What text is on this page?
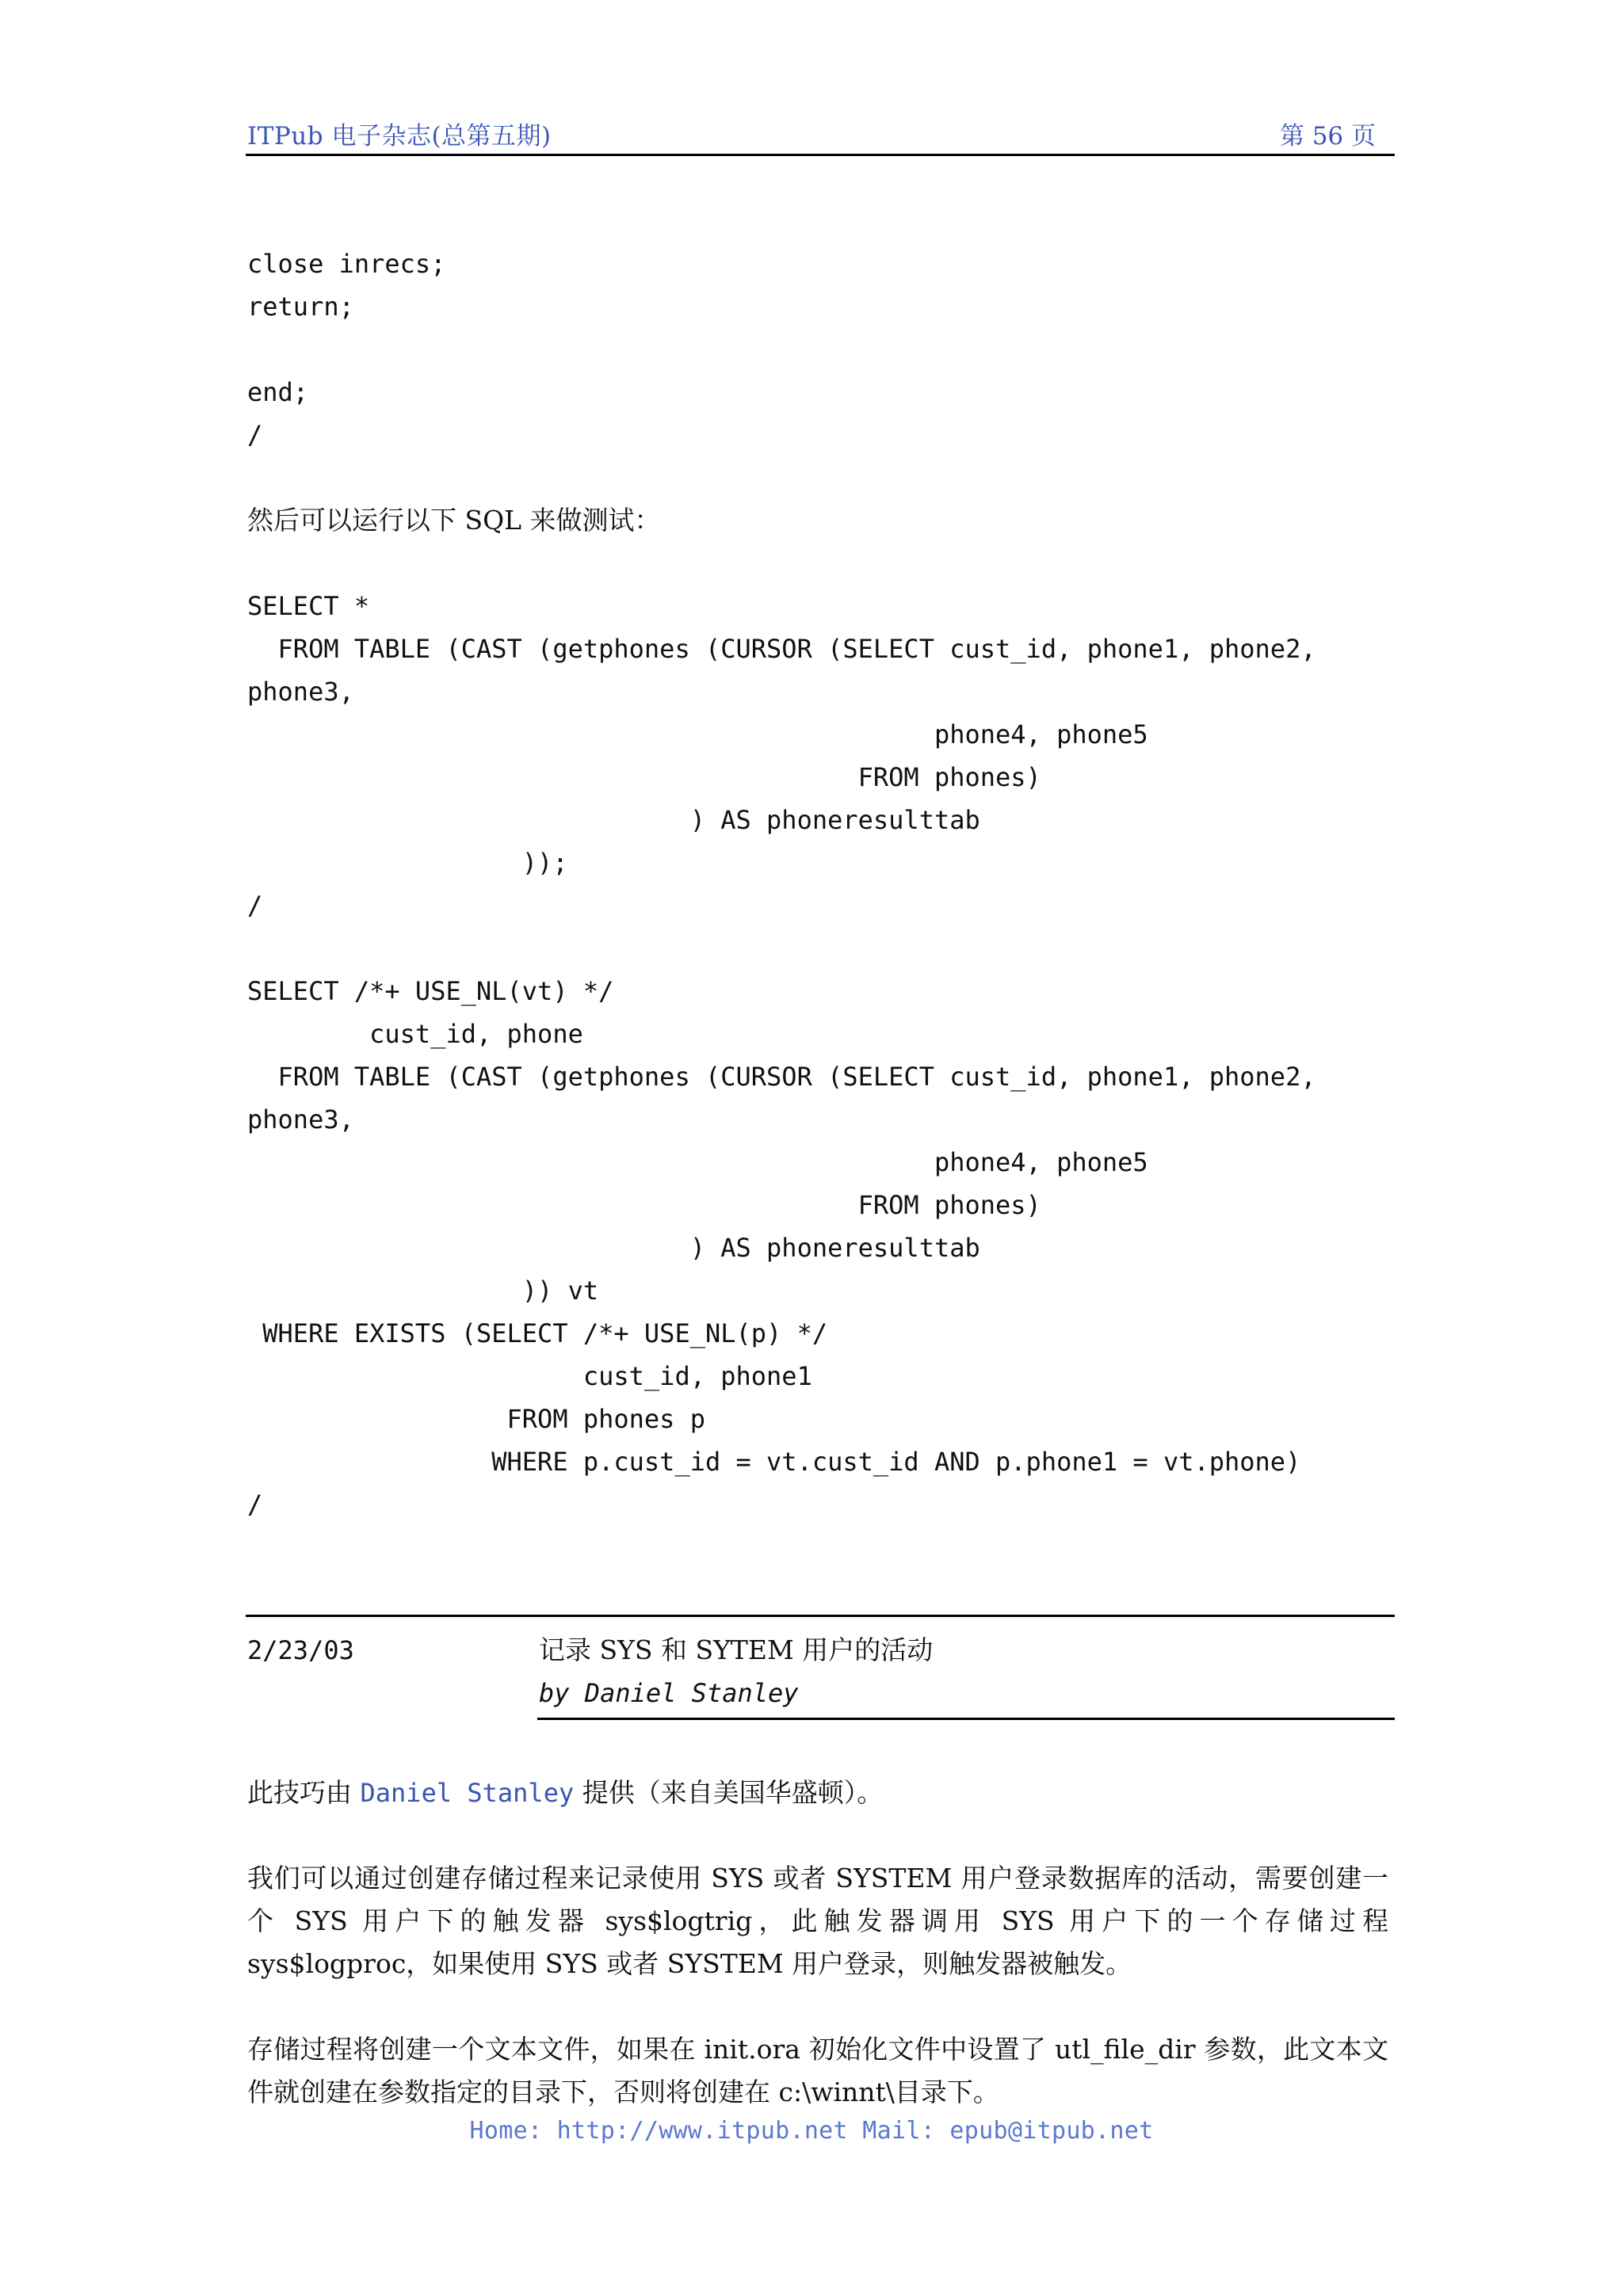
ITPub 电子杂志(总第五期)	第 56 页
close inrecs;
return;

end;
/
然后可以运行以下 SQL 来做测试：
SELECT *
FROM TABLE (CAST (getphones (CURSOR (SELECT cust_id, phone1, phone2,
phone3,
phone4, phone5
FROM phones)
) AS phoneresulttab
));
/

SELECT /*+ USE_NL(vt) */
cust_id, phone
FROM TABLE (CAST (getphones (CURSOR (SELECT cust_id, phone1, phone2,
phone3,
phone4, phone5
FROM phones)
) AS phoneresulttab
)) vt
WHERE EXISTS (SELECT /*+ USE_NL(p) */
cust_id, phone1
FROM phones p
WHERE p.cust_id = vt.cust_id AND p.phone1 = vt.phone)
/
2/23/03	记录 SYS 和 SYTEM 用户的活动
by Daniel Stanley
此技巧由 Daniel Stanley 提供（来自美国华盛顿）。
我们可以通过创建存储过程来记录使用 SYS 或者 SYSTEM 用户登录数据库的活动，需要创建一个 SYS 用户下的触发器 sys$logtrig，此触发器调用 SYS 用户下的一个存储过程 sys$logproc，如果使用 SYS 或者 SYSTEM 用户登录，则触发器被触发。
存储过程将创建一个文本文件，如果在 init.ora 初始化文件中设置了 utl_file_dir 参数，此文本文件就创建在参数指定的目录下，否则将创建在 c:\winnt\目录下。
Home: http://www.itpub.net Mail: epub@itpub.net
